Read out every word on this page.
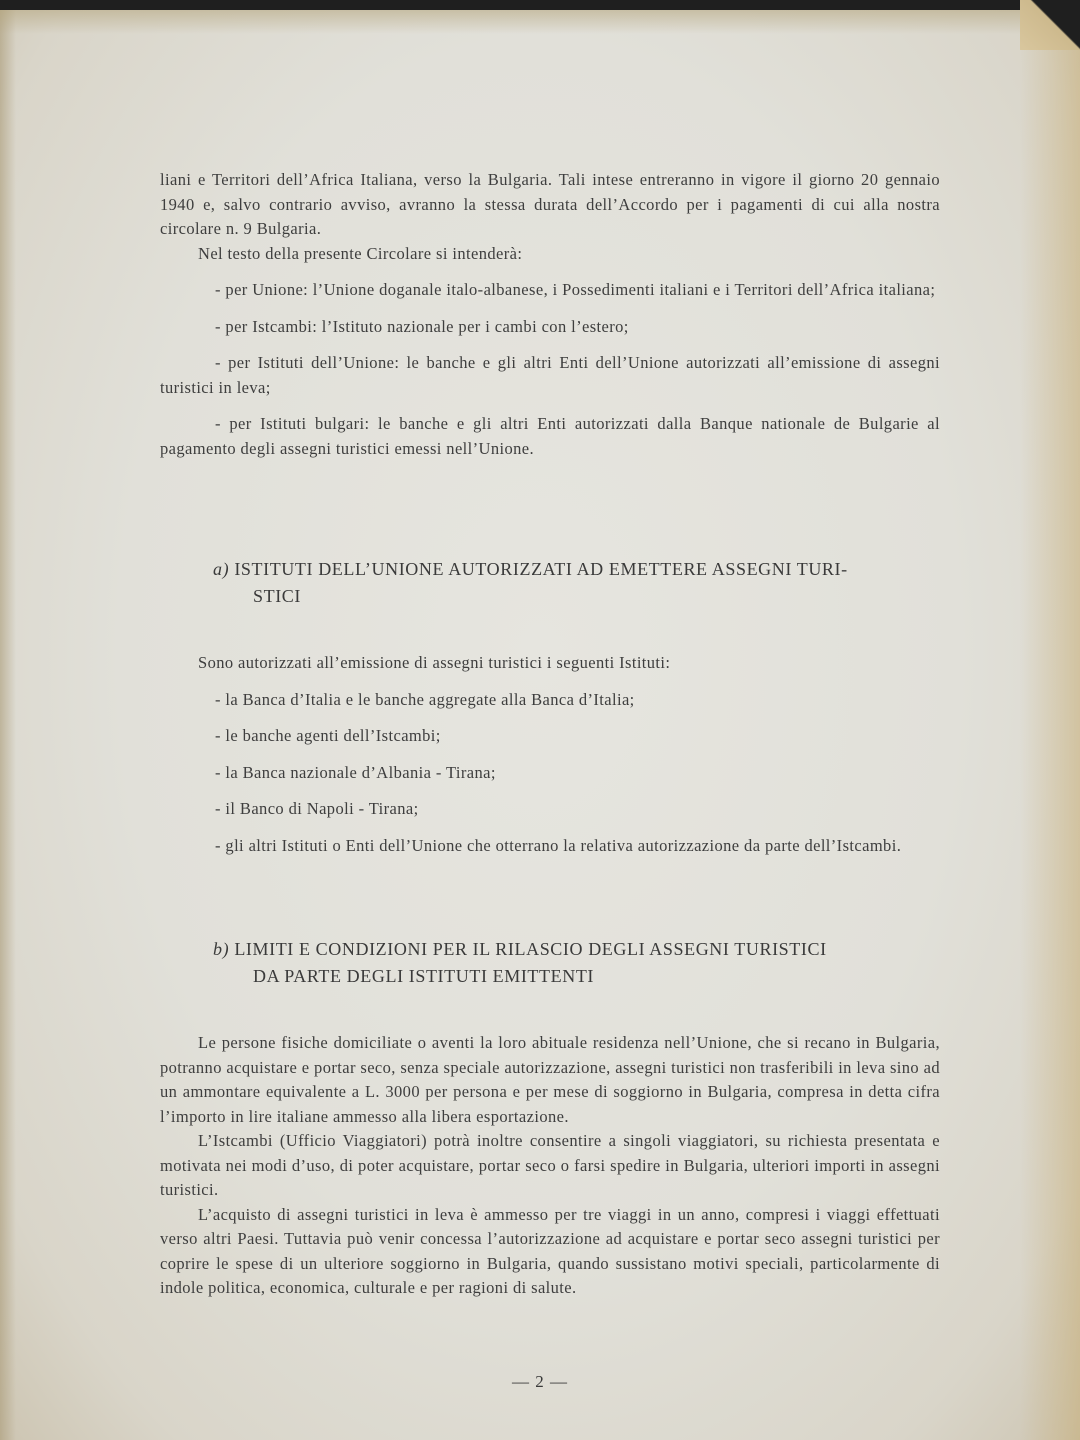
liani e Territori dell’Africa Italiana, verso la Bulgaria. Tali intese entreranno in vigore il giorno 20 gennaio 1940 e, salvo contrario avviso, avranno la stessa durata dell’Accordo per i pagamenti di cui alla nostra circolare n. 9 Bulgaria.

Nel testo della presente Circolare si intenderà:

- per Unione: l’Unione doganale italo-albanese, i Possedimenti italiani e i Territori dell’Africa italiana;

- per Istcambi: l’Istituto nazionale per i cambi con l’estero;

- per Istituti dell’Unione: le banche e gli altri Enti dell’Unione autorizzati all’emissione di assegni turistici in leva;

- per Istituti bulgari: le banche e gli altri Enti autorizzati dalla Banque nationale de Bulgarie al pagamento degli assegni turistici emessi nell’Unione.

a) ISTITUTI DELL’UNIONE AUTORIZZATI AD EMETTERE ASSEGNI TURI-
STICI
Sono autorizzati all’emissione di assegni turistici i seguenti Istituti:
- la Banca d’Italia e le banche aggregate alla Banca d’Italia;
- le banche agenti dell’Istcambi;
- la Banca nazionale d’Albania - Tirana;
- il Banco di Napoli - Tirana;

- gli altri Istituti o Enti dell’Unione che otterrano la relativa autorizzazione da parte dell’Istcambi.

b) LIMITI E CONDIZIONI PER IL RILASCIO DEGLI ASSEGNI TURISTICI
DA PARTE DEGLI ISTITUTI EMITTENTI

Le persone fisiche domiciliate o aventi la loro abituale residenza nell’Unione, che si recano in Bulgaria, potranno acquistare e portar seco, senza speciale autorizzazione, assegni turistici non trasferibili in leva sino ad un ammontare equivalente a L. 3000 per persona e per mese di soggiorno in Bulgaria, compresa in detta cifra l’importo in lire italiane ammesso alla libera esportazione.

L’Istcambi (Ufficio Viaggiatori) potrà inoltre consentire a singoli viaggiatori, su richiesta presentata e motivata nei modi d’uso, di poter acquistare, portar seco o farsi spedire in Bulgaria, ulteriori importi in assegni turistici.

L’acquisto di assegni turistici in leva è ammesso per tre viaggi in un anno, compresi i viaggi effettuati verso altri Paesi. Tuttavia può venir concessa l’autorizzazione ad acquistare e portar seco assegni turistici per coprire le spese di un ulteriore soggiorno in Bulgaria, quando sussistano motivi speciali, particolarmente di indole politica, economica, culturale e per ragioni di salute.

— 2 —
